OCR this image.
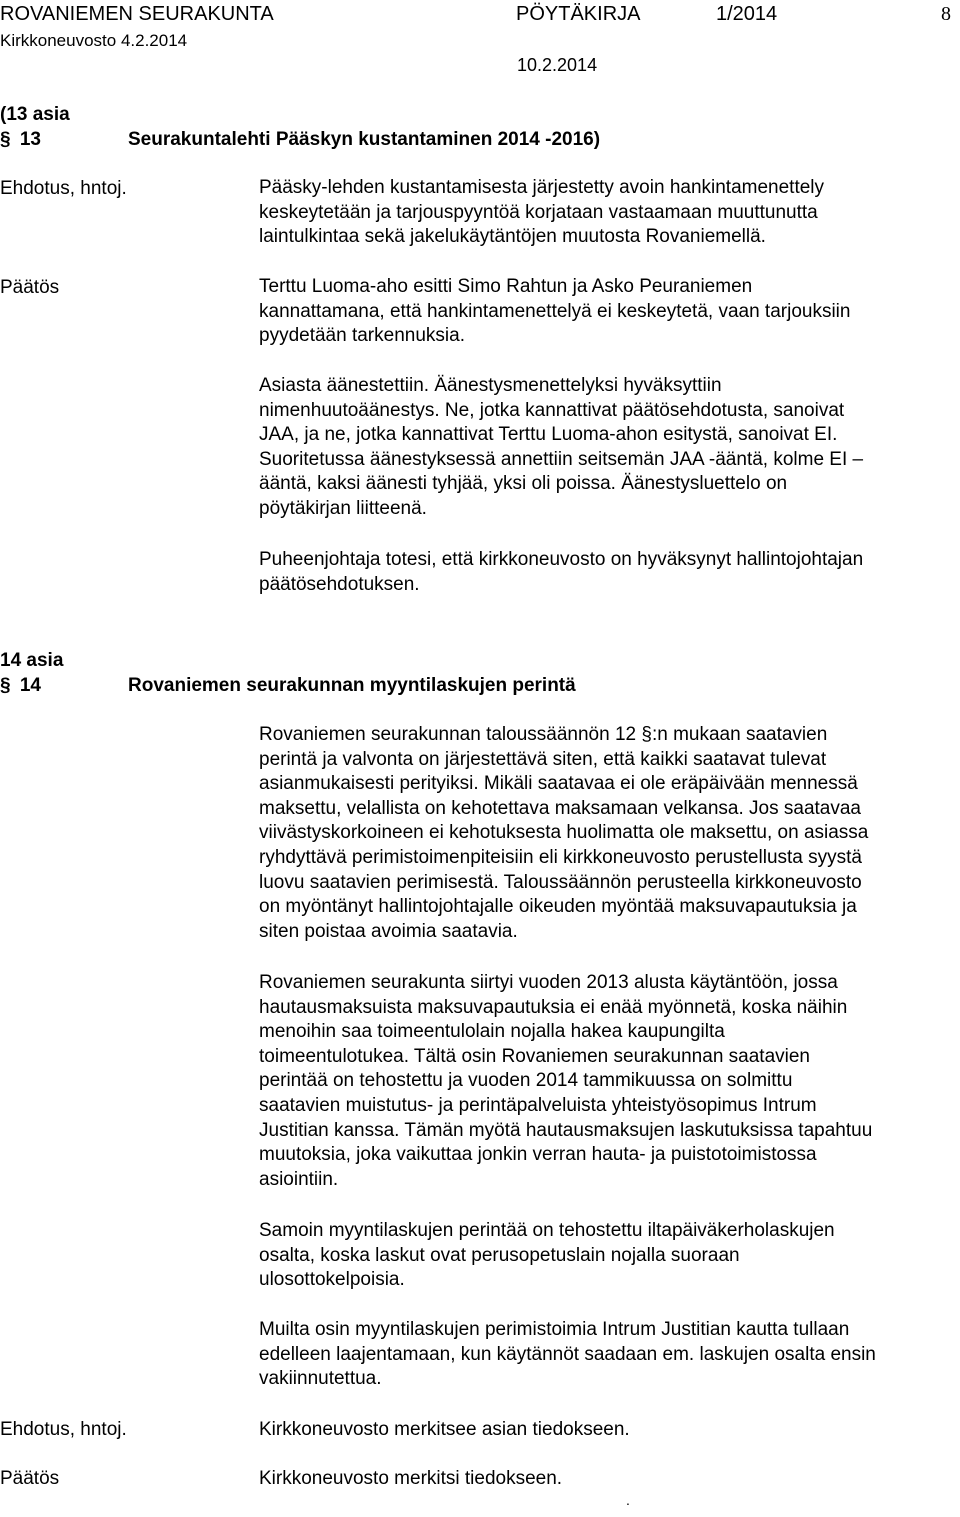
ROVANIEMEN SEURAKUNTA	PÖYTÄKIRJA	1/2014	8
Kirkkoneuvosto 4.2.2014
10.2.2014
(13 asia
§ 13	Seurakuntalehti Pääskyn kustantaminen 2014 -2016)
Ehdotus, hntoj.	Pääsky-lehden kustantamisesta järjestetty avoin hankintamenettely
keskeytetään ja tarjouspyyntöä korjataan vastaamaan muuttunutta
laintulkintaa sekä jakelukäytäntöjen muutosta Rovaniemellä.
Päätös	Terttu Luoma-aho esitti Simo Rahtun ja Asko Peuraniemen
kannattamana, että hankintamenettelyä ei keskeytetä, vaan tarjouksiin
pyydetään tarkennuksia.
Asiasta äänestettiin. Äänestysmenettelyksi hyväksyttiin
nimenhuutoäänestys. Ne, jotka kannattivat päätösehdotusta, sanoivat
JAA, ja ne, jotka kannattivat Terttu Luoma-ahon esitystä, sanoivat EI.
Suoritetussa äänestyksessä annettiin seitsemän JAA -ääntä, kolme EI –
ääntä, kaksi äänesti tyhjää, yksi oli poissa. Äänestysluettelo on
pöytäkirjan liitteenä.
Puheenjohtaja totesi, että kirkkoneuvosto on hyväksynyt hallintojohtajan
päätösehdotuksen.
14 asia
§ 14	Rovaniemen seurakunnan myyntilaskujen perintä
Rovaniemen seurakunnan taloussäännön 12 §:n mukaan saatavien
perintä ja valvonta on järjestettävä siten, että kaikki saatavat tulevat
asianmukaisesti perityiksi. Mikäli saatavaa ei ole eräpäivään mennessä
maksettu, velallista on kehotettava maksamaan velkansa. Jos saatavaa
viivästyskorkoineen ei kehotuksesta huolimatta ole maksettu, on asiassa
ryhdyttävä perimistoimenpiteisiin eli kirkkoneuvosto perustellusta syystä
luovu saatavien perimisestä. Taloussäännön perusteella kirkkoneuvosto
on myöntänyt hallintojohtajalle oikeuden myöntää maksuvapautuksia ja
siten poistaa avoimia saatavia.
Rovaniemen seurakunta siirtyi vuoden 2013 alusta käytäntöön, jossa
hautausmaksuista maksuvapautuksia ei enää myönnetä, koska näihin
menoihin saa toimeentulolain nojalla hakea kaupungilta
toimeentulotukea. Tältä osin Rovaniemen seurakunnan saatavien
perintää on tehostettu ja vuoden 2014 tammikuussa on solmittu
saatavien muistutus- ja perintäpalveluista yhteistyösopimus Intrum
Justitian kanssa. Tämän myötä hautausmaksujen laskutuksissa tapahtuu
muutoksia, joka vaikuttaa jonkin verran hauta- ja puistotoimistossa
asiointiin.
Samoin myyntilaskujen perintää on tehostettu iltapäiväkerholaskujen
osalta, koska laskut ovat perusopetuslain nojalla suoraan
ulosottokelpoisia.
Muilta osin myyntilaskujen perimistoimia Intrum Justitian kautta tullaan
edelleen laajentamaan, kun käytännöt saadaan em. laskujen osalta ensin
vakiinnutettua.
Ehdotus, hntoj.	Kirkkoneuvosto merkitsee asian tiedokseen.
Päätös	Kirkkoneuvosto merkitsi tiedokseen.
.
